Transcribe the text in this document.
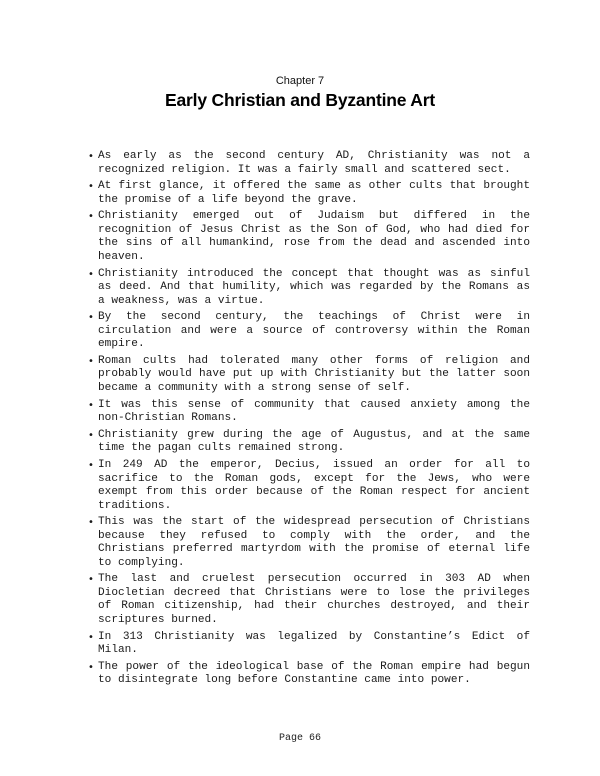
Chapter 7
Early Christian and Byzantine Art
• As early as the second century AD, Christianity was not a recognized religion. It was a fairly small and scattered sect.
• At first glance, it offered the same as other cults that brought the promise of a life beyond the grave.
• Christianity emerged out of Judaism but differed in the recognition of Jesus Christ as the Son of God, who had died for the sins of all humankind, rose from the dead and ascended into heaven.
• Christianity introduced the concept that thought was as sinful as deed. And that humility, which was regarded by the Romans as a weakness, was a virtue.
• By the second century, the teachings of Christ were in circulation and were a source of controversy within the Roman empire.
• Roman cults had tolerated many other forms of religion and probably would have put up with Christianity but the latter soon became a community with a strong sense of self.
• It was this sense of community that caused anxiety among the non-Christian Romans.
• Christianity grew during the age of Augustus, and at the same time the pagan cults remained strong.
• In 249 AD the emperor, Decius, issued an order for all to sacrifice to the Roman gods, except for the Jews, who were exempt from this order because of the Roman respect for ancient traditions.
• This was the start of the widespread persecution of Christians because they refused to comply with the order, and the Christians preferred martyrdom with the promise of eternal life to complying.
• The last and cruelest persecution occurred in 303 AD when Diocletian decreed that Christians were to lose the privileges of Roman citizenship, had their churches destroyed, and their scriptures burned.
• In 313 Christianity was legalized by Constantine’s Edict of Milan.
• The power of the ideological base of the Roman empire had begun to disintegrate long before Constantine came into power.
Page 66
